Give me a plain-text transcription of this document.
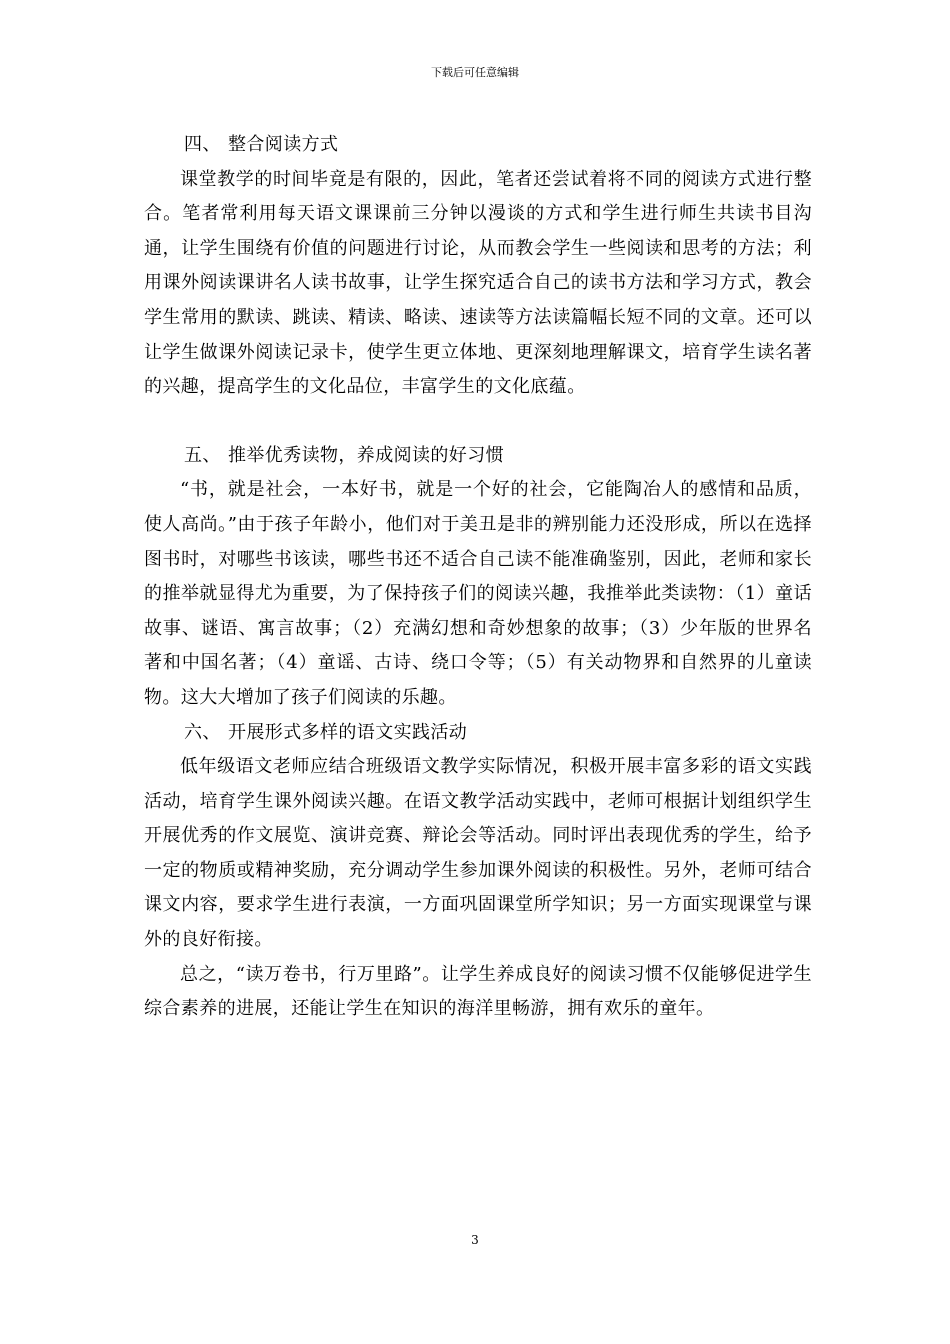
下载后可任意编辑

四、 整合阅读方式

课堂教学的时间毕竟是有限的，因此，笔者还尝试着将不同的阅读方式进行整合。笔者常利用每天语文课课前三分钟以漫谈的方式和学生进行师生共读书目沟通，让学生围绕有价值的问题进行讨论，从而教会学生一些阅读和思考的方法；利用课外阅读课讲名人读书故事，让学生探究适合自己的读书方法和学习方式，教会学生常用的默读、跳读、精读、略读、速读等方法读篇幅长短不同的文章。还可以让学生做课外阅读记录卡，使学生更立体地、更深刻地理解课文，培育学生读名著的兴趣，提高学生的文化品位，丰富学生的文化底蕴。

五、 推举优秀读物，养成阅读的好习惯

“书，就是社会，一本好书，就是一个好的社会，它能陶冶人的感情和品质，使人高尚。”由于孩子年龄小，他们对于美丑是非的辨别能力还没形成，所以在选择图书时，对哪些书该读，哪些书还不适合自己读不能准确鉴别，因此，老师和家长的推举就显得尤为重要，为了保持孩子们的阅读兴趣，我推举此类读物：（1）童话故事、谜语、寓言故事；（2）充满幻想和奇妙想象的故事；（3）少年版的世界名著和中国名著；（4）童谣、古诗、绕口令等；（5）有关动物界和自然界的儿童读物。这大大增加了孩子们阅读的乐趣。

六、 开展形式多样的语文实践活动

低年级语文老师应结合班级语文教学实际情况，积极开展丰富多彩的语文实践活动，培育学生课外阅读兴趣。在语文教学活动实践中，老师可根据计划组织学生开展优秀的作文展览、演讲竞赛、辩论会等活动。同时评出表现优秀的学生，给予一定的物质或精神奖励，充分调动学生参加课外阅读的积极性。另外，老师可结合课文内容，要求学生进行表演，一方面巩固课堂所学知识；另一方面实现课堂与课外的良好衔接。

总之，“读万卷书，行万里路”。让学生养成良好的阅读习惯不仅能够促进学生综合素养的进展，还能让学生在知识的海洋里畅游，拥有欢乐的童年。

3
